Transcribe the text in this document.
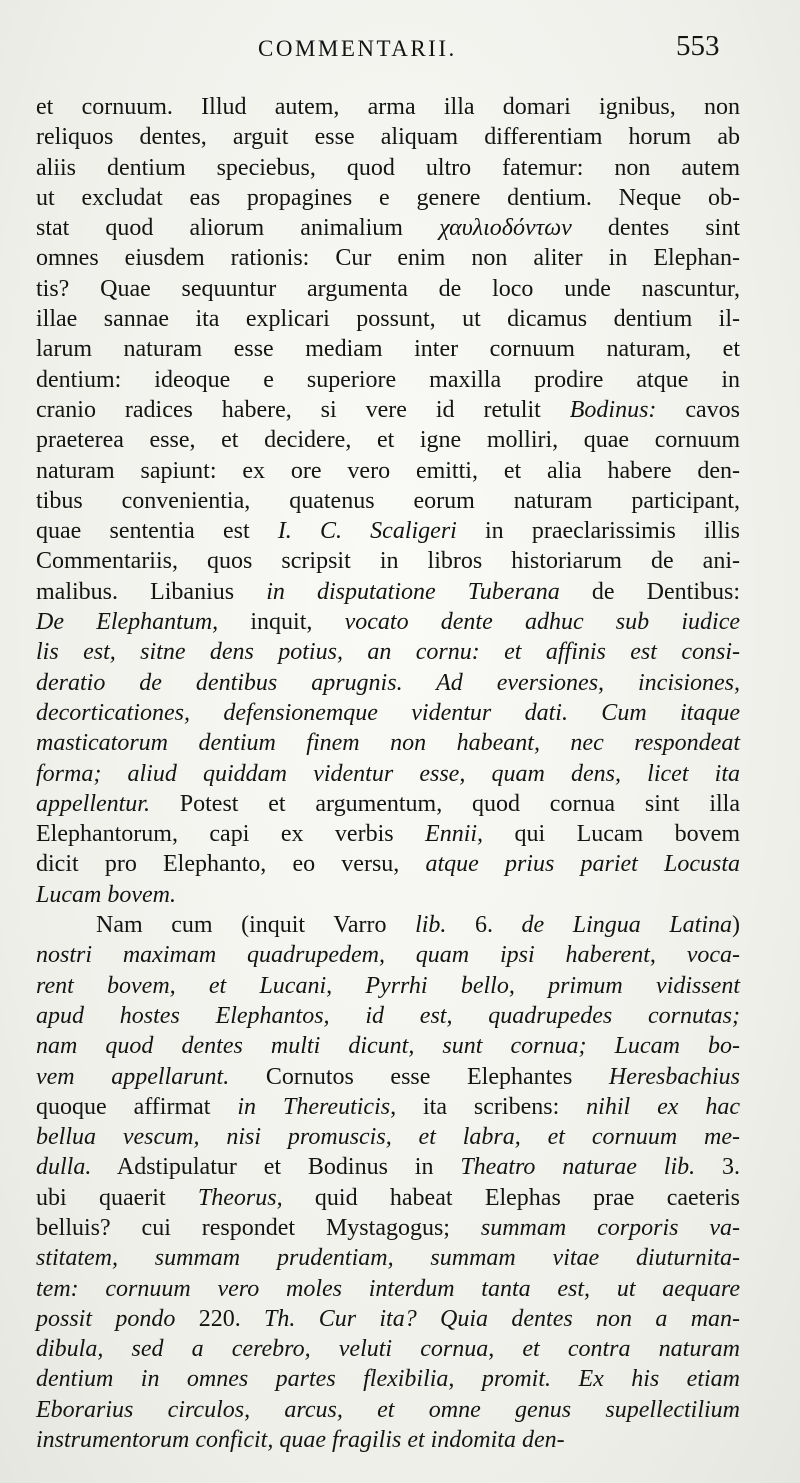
COMMENTARII.	553
et cornuum. Illud autem, arma illa domari ignibus, non
reliquos dentes, arguit esse aliquam differentiam horum ab
aliis dentium speciebus, quod ultro fatemur: non autem
ut excludat eas propagines e genere dentium. Neque ob-
stat quod aliorum animalium χαυλιοδόντων dentes sint
omnes eiusdem rationis: Cur enim non aliter in Elephan-
tis? Quae sequuntur argumenta de loco unde nascuntur,
illae sannae ita explicari possunt, ut dicamus dentium il-
larum naturam esse mediam inter cornuum naturam, et
dentium: ideoque e superiore maxilla prodire atque in
cranio radices habere, si vere id retulit Bodinus: cavos
praeterea esse, et decidere, et igne molliri, quae cornuum
naturam sapiunt: ex ore vero emitti, et alia habere den-
tibus convenientia, quatenus eorum naturam participant,
quae sententia est I. C. Scaligeri in praeclarissimis illis
Commentariis, quos scripsit in libros historiarum de ani-
malibus. Libanius in disputatione Tuberana de Dentibus:
De Elephantum, inquit, vocato dente adhuc sub iudice
lis est, sitne dens potius, an cornu: et affinis est consi-
deratio de dentibus aprugnis. Ad eversiones, incisiones,
decorticationes, defensionemque videntur dati. Cum itaque
masticatorum dentium finem non habeant, nec respondeat
forma; aliud quiddam videntur esse, quam dens, licet ita
appellentur. Potest et argumentum, quod cornua sint illa
Elephantorum, capi ex verbis Ennii, qui Lucam bovem
dicit pro Elephanto, eo versu, atque prius pariet Locusta
Lucam bovem.
Nam cum (inquit Varro lib. 6. de Lingua Latina)
nostri maximam quadrupedem, quam ipsi haberent, voca-
rent bovem, et Lucani, Pyrrhi bello, primum vidissent
apud hostes Elephantos, id est, quadrupedes cornutas;
nam quod dentes multi dicunt, sunt cornua; Lucam bo-
vem appellarunt. Cornutos esse Elephantes Heresbachius
quoque affirmat in Thereuticis, ita scribens: nihil ex hac
bellua vescum, nisi promuscis, et labra, et cornuum me-
dulla. Adstipulatur et Bodinus in Theatro naturae lib. 3.
ubi quaerit Theorus, quid habeat Elephas prae caeteris
belluis? cui respondet Mystagogus; summam corporis va-
stitatem, summam prudentiam, summam vitae diuturnita-
tem: cornuum vero moles interdum tanta est, ut aequare
possit pondo 220. Th. Cur ita? Quia dentes non a man-
dibula, sed a cerebro, veluti cornua, et contra naturam
dentium in omnes partes flexibilia, promit. Ex his etiam
Eborarius circulos, arcus, et omne genus supellectilium
instrumentorum conficit, quae fragilis et indomita den-
